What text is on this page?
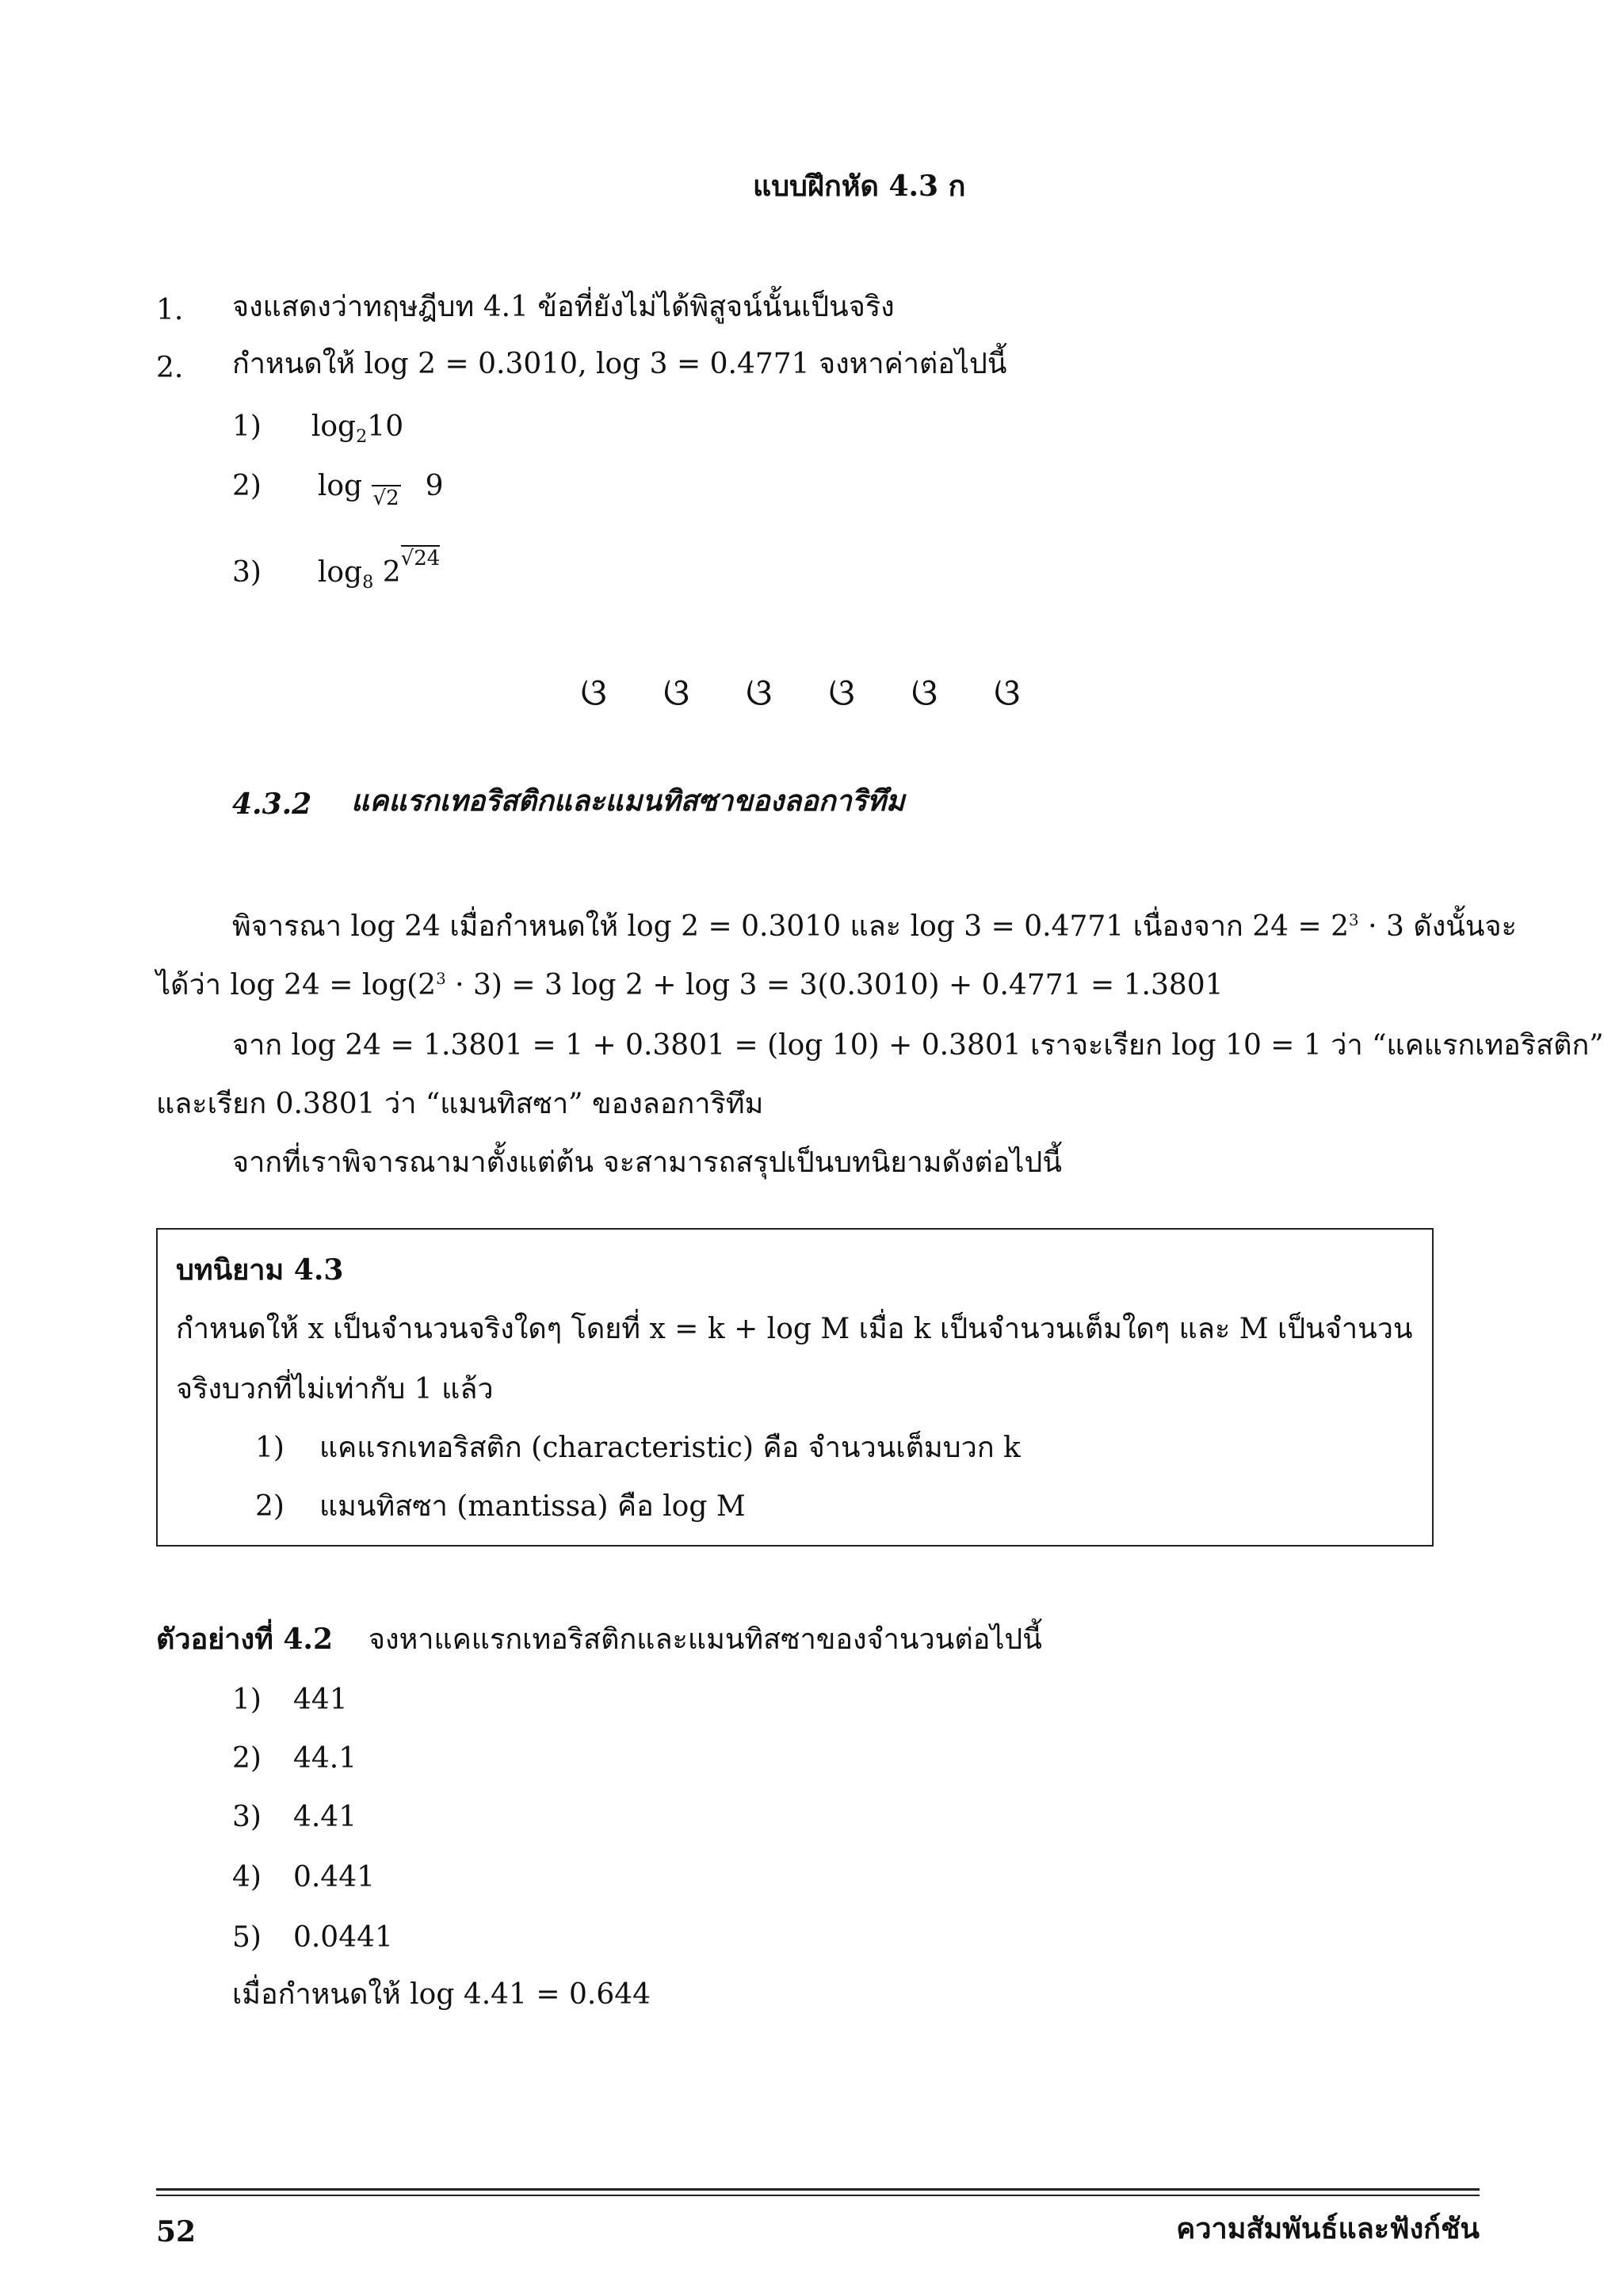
แบบฝึกหัด 4.3 ก
1. จงแสดงว่าทฤษฎีบท 4.1 ข้อที่ยังไม่ได้พิสูจน์นั้นเป็นจริง
2. กำหนดให้ log 2 = 0.3010, log 3 = 0.4771 จงหาค่าต่อไปนี้
1) $\log_210$
2) log $_{√2}$ 9
3) $\log_8 2^{√24}$
ଓ ଓ ଓ ଓ ଓ ଓ
4.3.2 แคแรกเทอริสติกและแมนทิสซาของลอการิทึม
พิจารณา log 24 เมื่อกำหนดให้ log 2 = 0.3010 และ log 3 = 0.4771 เนื่องจาก $24 = 2^3 \cdot 3$ ดังนั้นจะ
ได้ว่า $\log 24 = \log(2^3 \cdot 3) = 3$ log 2 + log 3 = 3(0.3010) + 0.4771 = 1.3801
จาก log 24 = 1.3801 = 1 + 0.3801 = (log 10) + 0.3801 เราจะเรียก log 10 = 1 ว่า “แคแรกเทอริสติก”
และเรียก 0.3801 ว่า “แมนทิสซา” ของลอการิทึม
จากที่เราพิจารณามาตั้งแต่ต้น จะสามารถสรุปเป็นบทนิยามดังต่อไปนี้
บทนิยาม 4.3
กำหนดให้ x เป็นจำนวนจริงใดๆ โดยที่ x = k + log M เมื่อ k เป็นจำนวนเต็มใดๆ และ M เป็นจำนวน
จริงบวกที่ไม่เท่ากับ 1 แล้ว
1) แคแรกเทอริสติก (characteristic) คือ จำนวนเต็มบวก k
2) แมนทิสซา (mantissa) คือ log M
ตัวอย่างที่ 4.2 จงหาแคแรกเทอริสติกและแมนทิสซาของจำนวนต่อไปนี้
1) 441
2) 44.1
3) 4.41
4) 0.441
5) 0.0441
เมื่อกำหนดให้ log 4.41 = 0.644
52	ความสัมพันธ์และฟังก์ชัน
